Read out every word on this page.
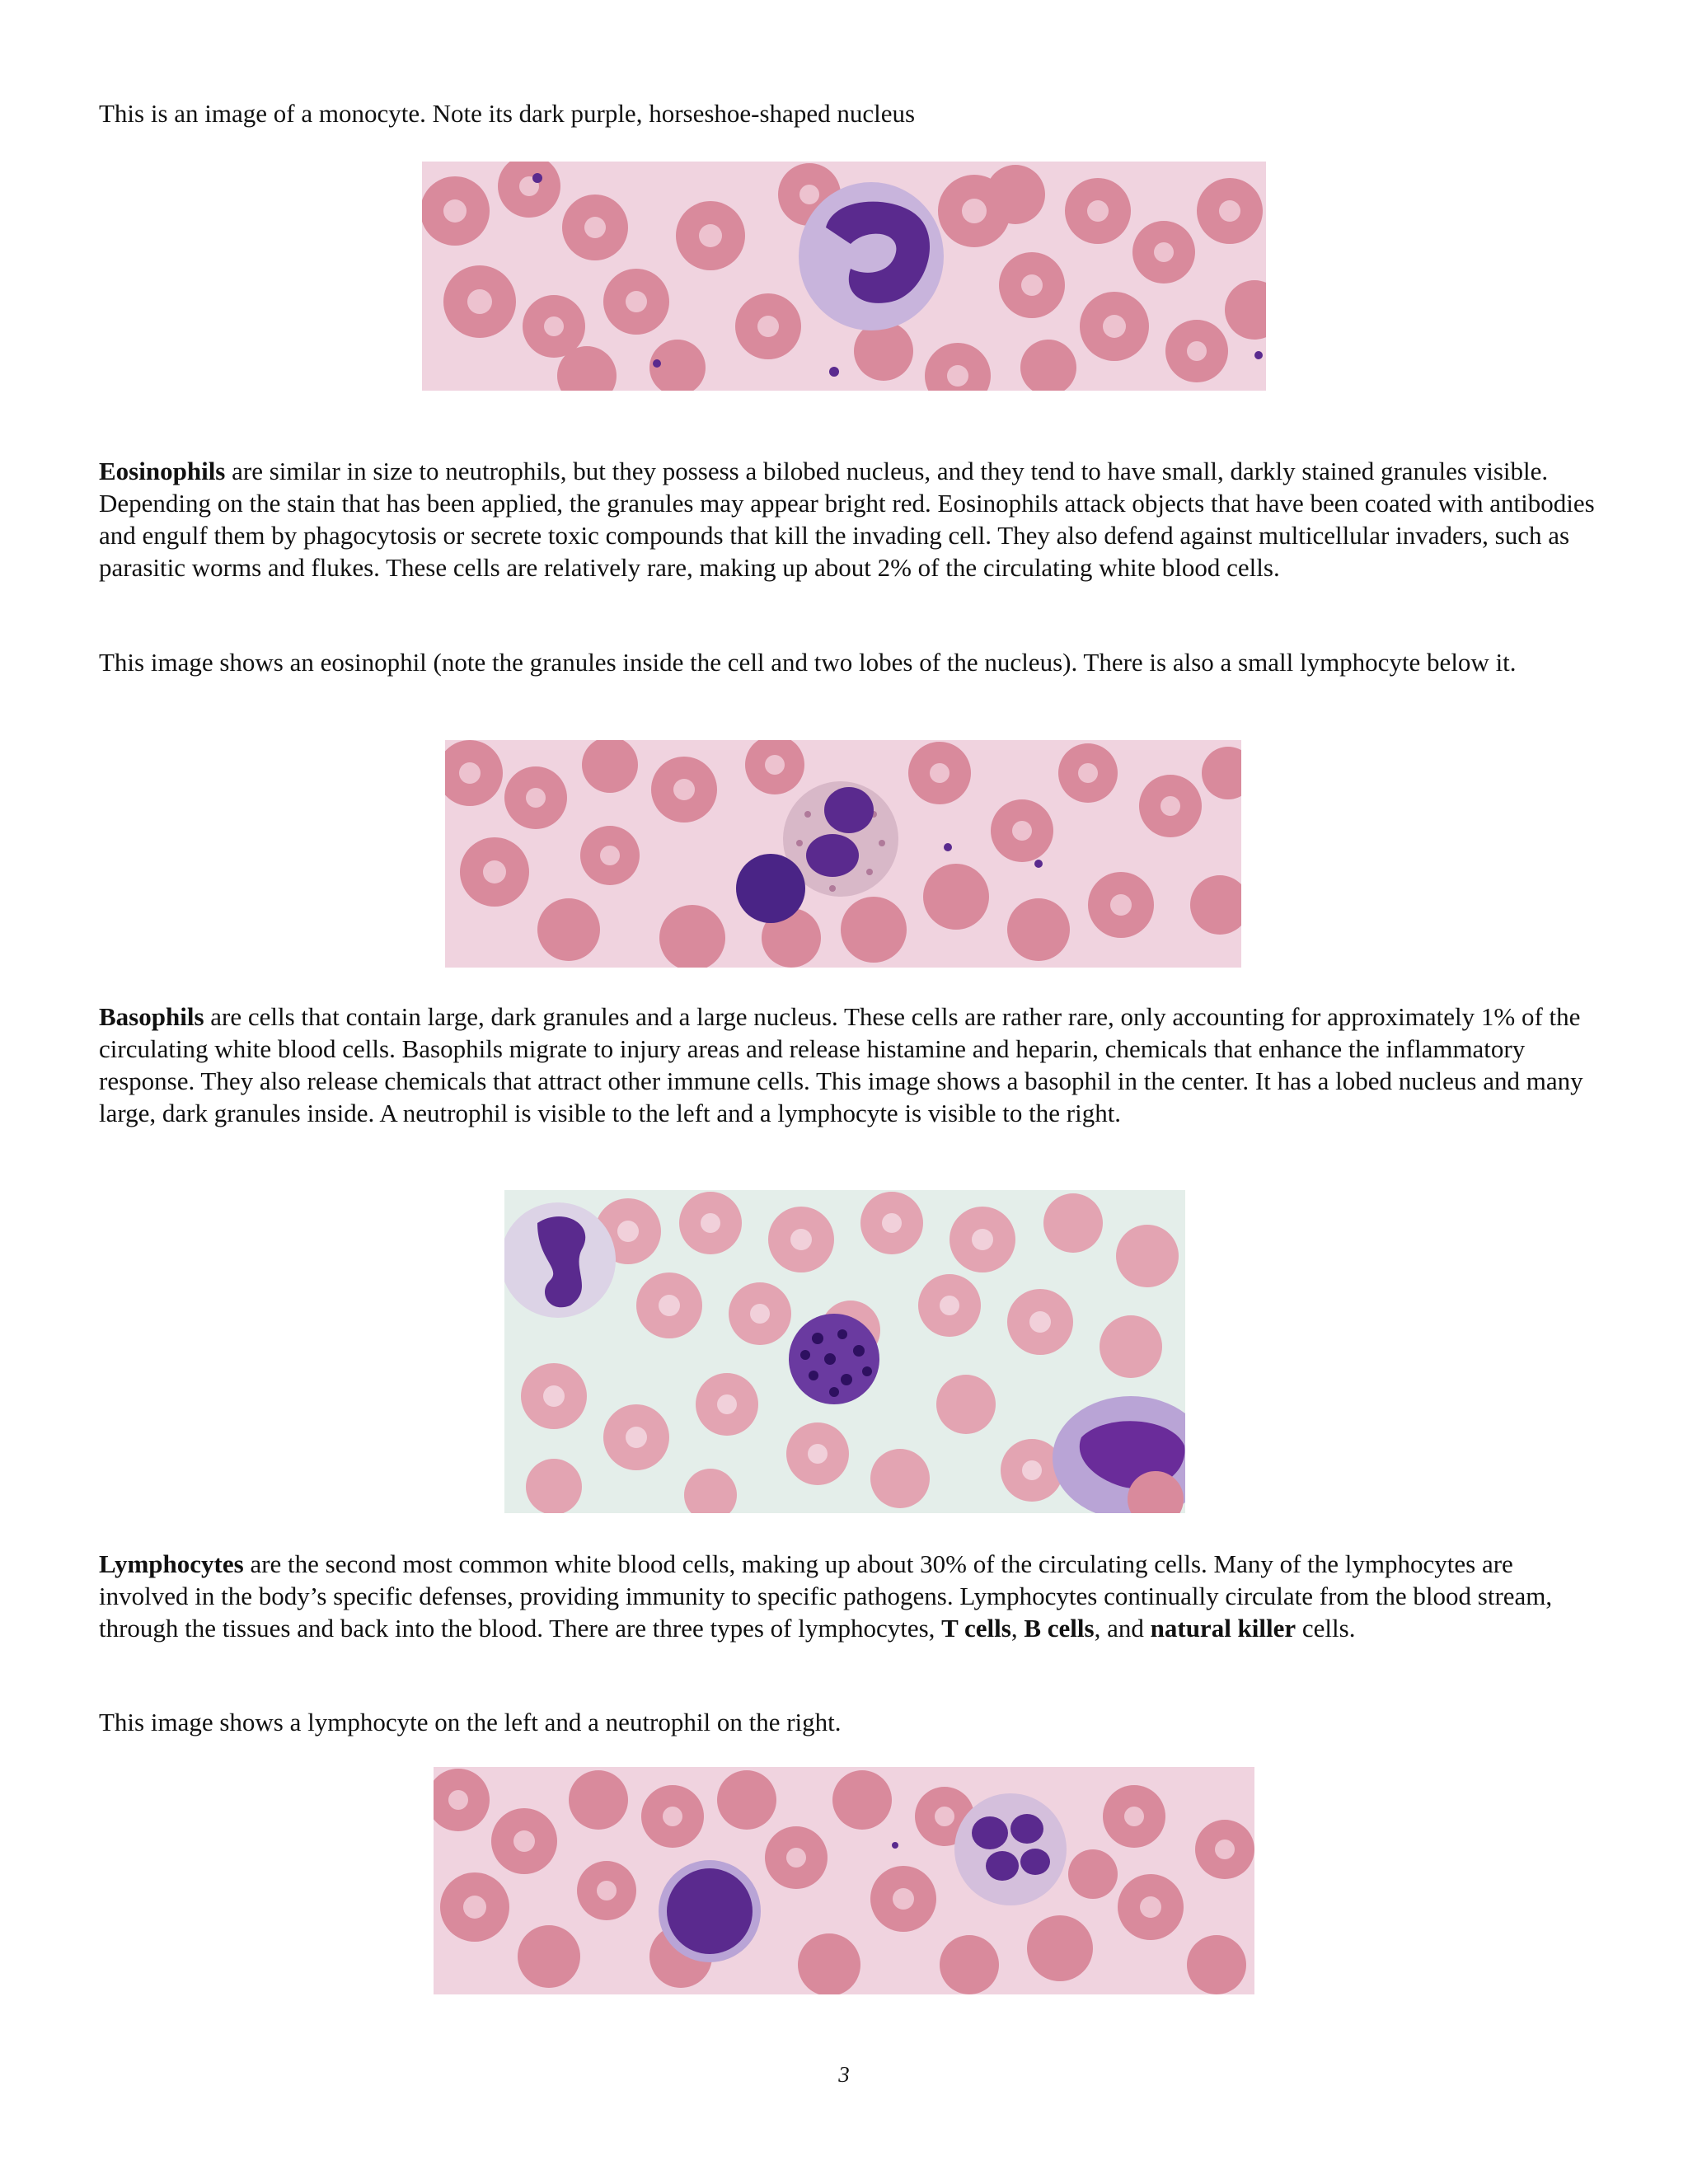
This is an image of a monocyte. Note its dark purple, horseshoe-shaped nucleus

Eosinophils are similar in size to neutrophils, but they possess a bilobed nucleus, and they tend to have small, darkly stained granules visible. Depending on the stain that has been applied, the granules may appear bright red. Eosinophils attack objects that have been coated with antibodies and engulf them by phagocytosis or secrete toxic compounds that kill the invading cell. They also defend against multicellular invaders, such as parasitic worms and flukes. These cells are relatively rare, making up about 2% of the circulating white blood cells.

This image shows an eosinophil (note the granules inside the cell and two lobes of the nucleus). There is also a small lymphocyte below it.

Basophils are cells that contain large, dark granules and a large nucleus. These cells are rather rare, only accounting for approximately 1% of the circulating white blood cells. Basophils migrate to injury areas and release histamine and heparin, chemicals that enhance the inflammatory response. They also release chemicals that attract other immune cells. This image shows a basophil in the center. It has a lobed nucleus and many large, dark granules inside. A neutrophil is visible to the left and a lymphocyte is visible to the right.

Lymphocytes are the second most common white blood cells, making up about 30% of the circulating cells. Many of the lymphocytes are involved in the body’s specific defenses, providing immunity to specific pathogens. Lymphocytes continually circulate from the blood stream, through the tissues and back into the blood. There are three types of lymphocytes, T cells, B cells, and natural killer cells.

This image shows a lymphocyte on the left and a neutrophil on the right.

3
